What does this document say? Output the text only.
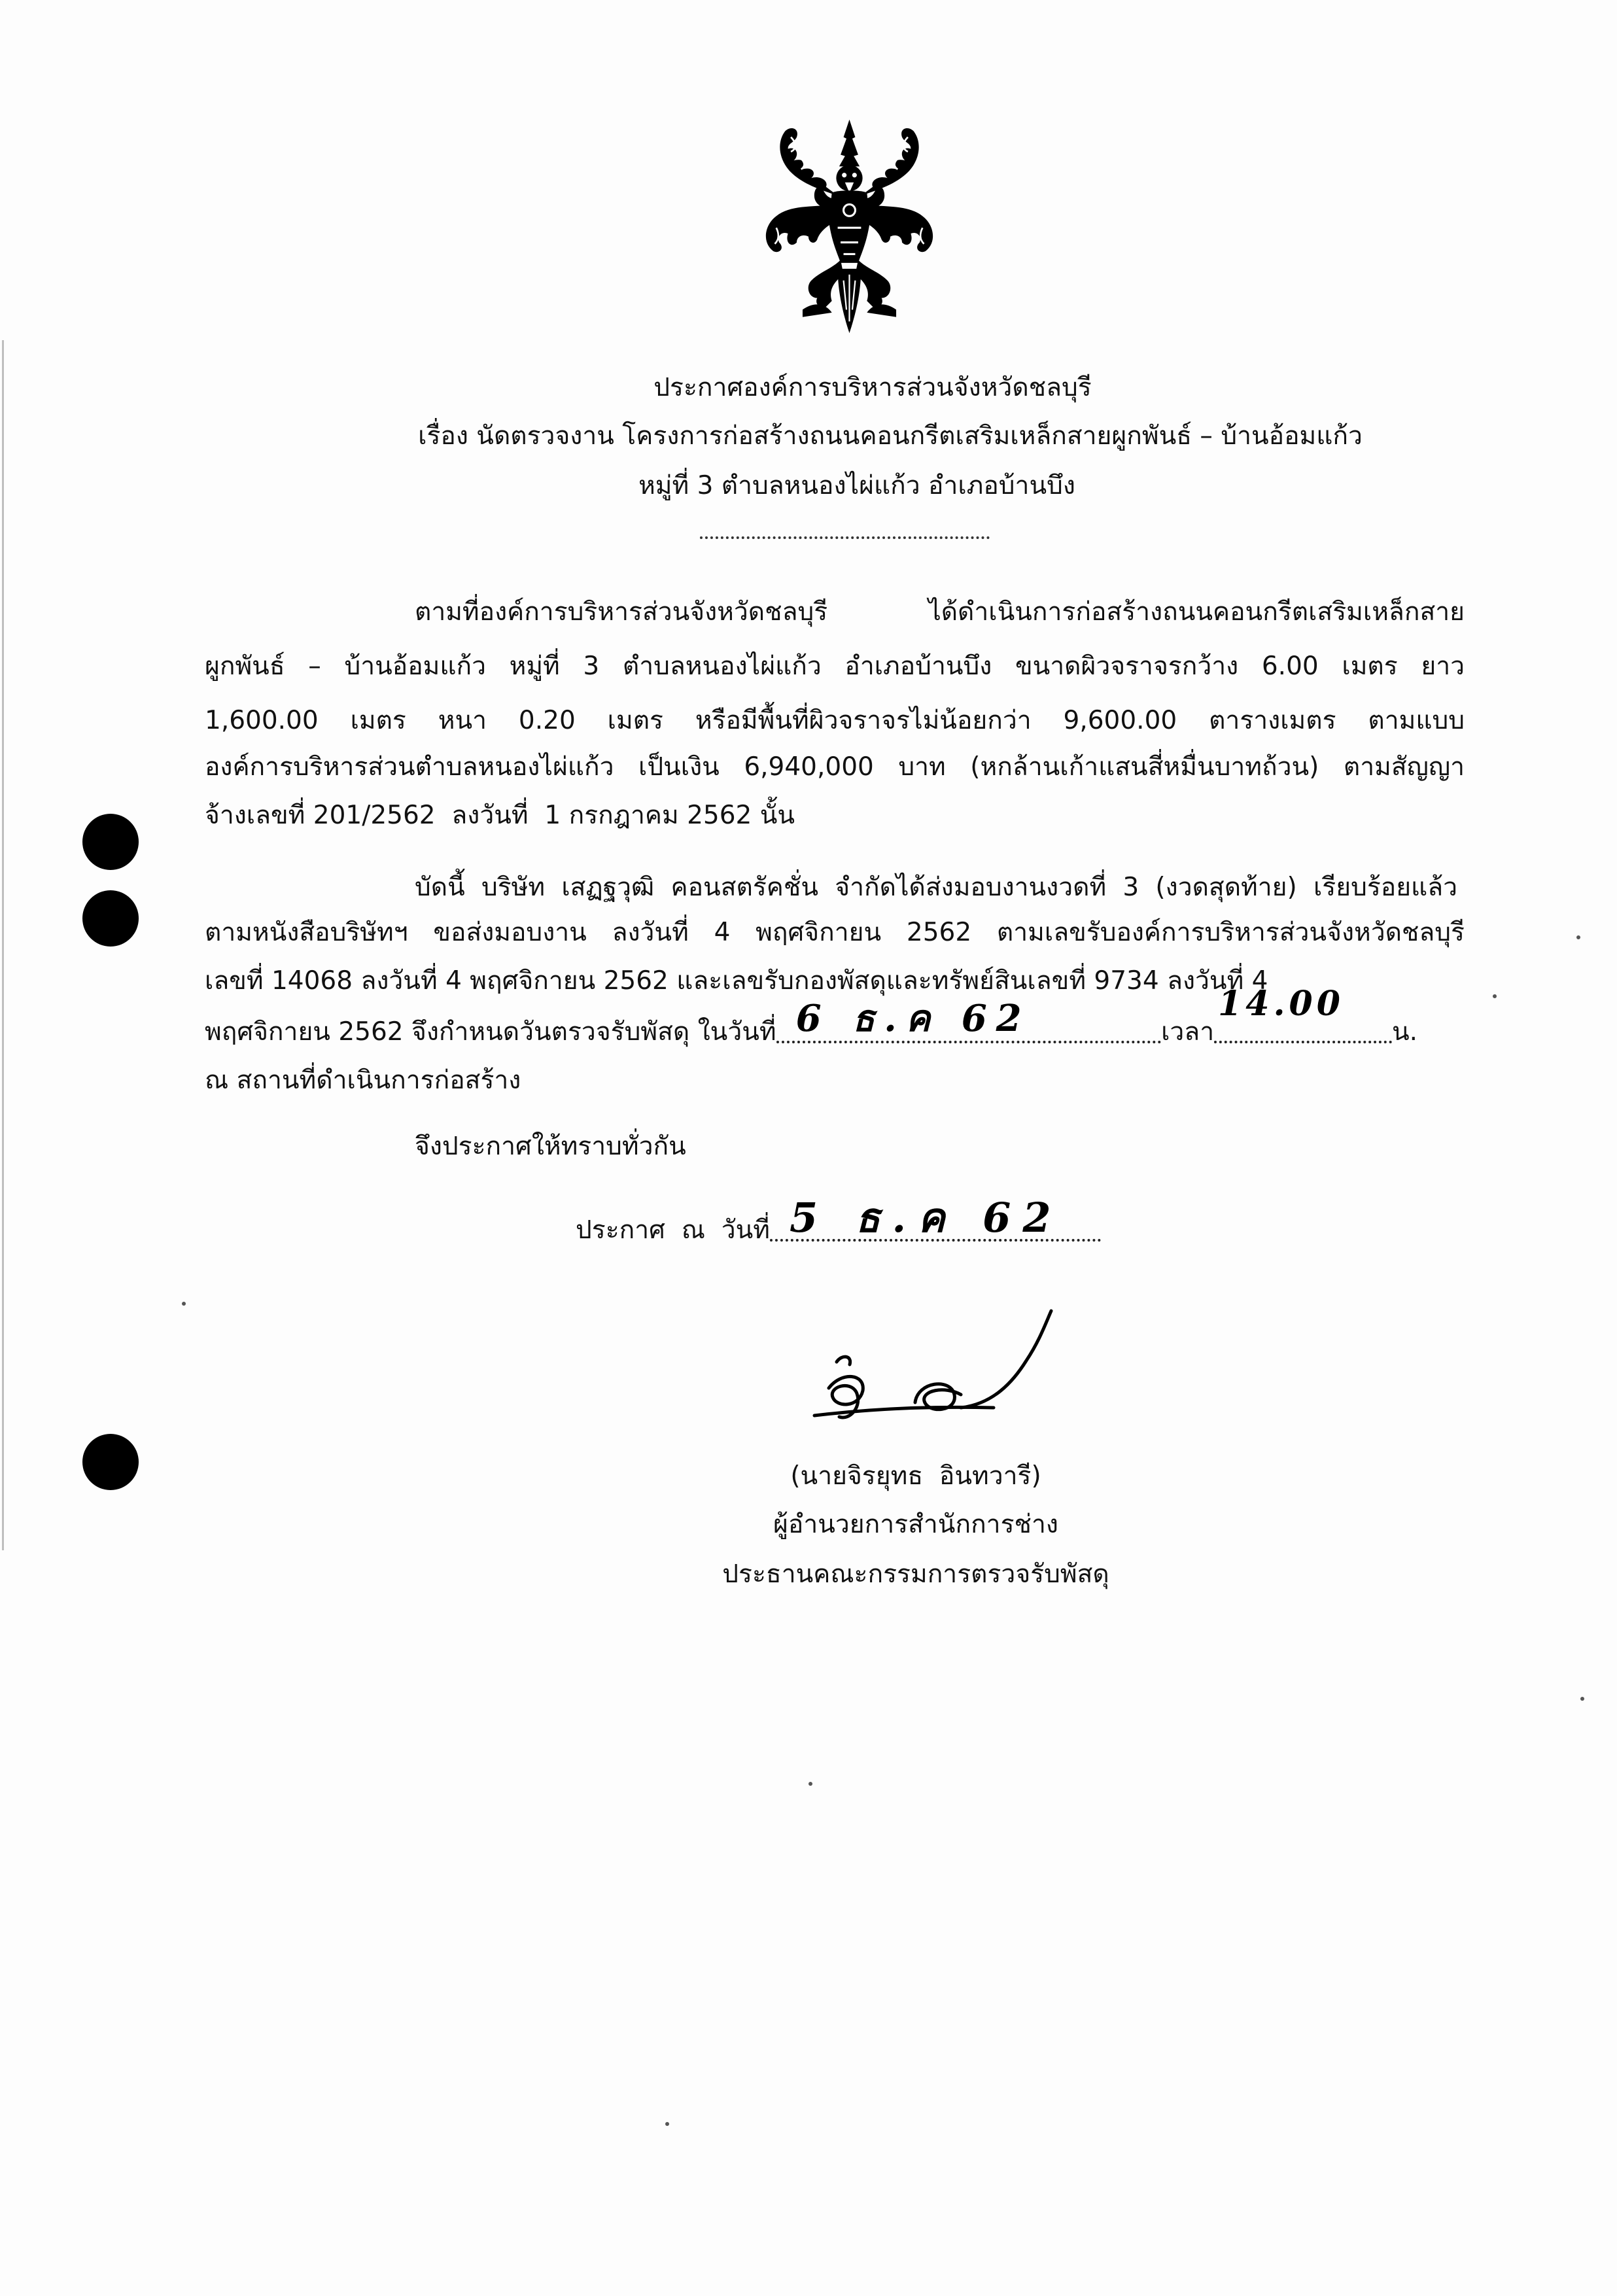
ประกาศองค์การบริหารส่วนจังหวัดชลบุรี
เรื่อง นัดตรวจงาน โครงการก่อสร้างถนนคอนกรีตเสริมเหล็กสายผูกพันธ์ – บ้านอ้อมแก้ว
หมู่ที่ 3 ตำบลหนองไผ่แก้ว อำเภอบ้านบึง
ตามที่องค์การบริหารส่วนจังหวัดชลบุรี  ได้ดำเนินการก่อสร้างถนนคอนกรีตเสริมเหล็กสาย
ผูกพันธ์ – บ้านอ้อมแก้ว หมู่ที่ 3 ตำบลหนองไผ่แก้ว อำเภอบ้านบึง ขนาดผิวจราจรกว้าง 6.00 เมตร ยาว
1,600.00 เมตร หนา 0.20 เมตร หรือมีพื้นที่ผิวจราจรไม่น้อยกว่า 9,600.00 ตารางเมตร ตามแบบ
องค์การบริหารส่วนตำบลหนองไผ่แก้ว เป็นเงิน 6,940,000 บาท (หกล้านเก้าแสนสี่หมื่นบาทถ้วน) ตามสัญญา
จ้างเลขที่ 201/2562  ลงวันที่  1 กรกฎาคม 2562 นั้น
บัดนี้ บริษัท เสฏฐวุฒิ คอนสตรัคชั่น จำกัดได้ส่งมอบงานงวดที่ 3 (งวดสุดท้าย) เรียบร้อยแล้ว
ตามหนังสือบริษัทฯ ขอส่งมอบงาน ลงวันที่ 4 พฤศจิกายน 2562 ตามเลขรับองค์การบริหารส่วนจังหวัดชลบุรี
เลขที่ 14068 ลงวันที่ 4 พฤศจิกายน 2562 และเลขรับกองพัสดุและทรัพย์สินเลขที่ 9734 ลงวันที่ 4
พฤศจิกายน 2562 จึงกำหนดวันตรวจรับพัสดุ ในวันที่

6 ธ.ค 62

	เวลา

14.00

น.
ณ สถานที่ดำเนินการก่อสร้าง
จึงประกาศให้ทราบทั่วกัน
ประกาศ  ณ  วันที่

5 ธ.ค 62

(นายจิรยุทธ  อินทวารี)
ผู้อำนวยการสำนักการช่าง
ประธานคณะกรรมการตรวจรับพัสดุ
